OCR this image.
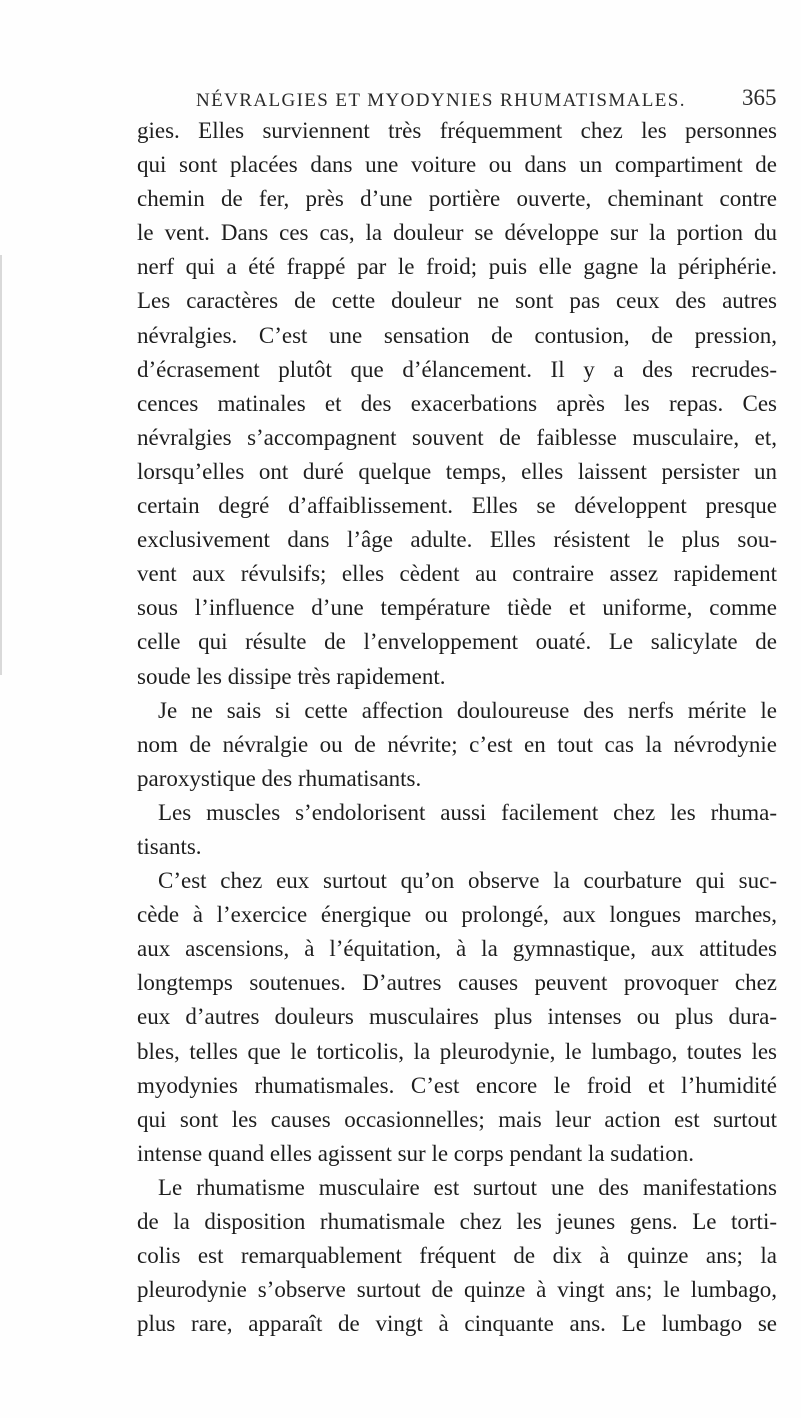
NÉVRALGIES ET MYODYNIES RHUMATISMALES.	365
gies. Elles surviennent très fréquemment chez les personnes
qui sont placées dans une voiture ou dans un compartiment de
chemin de fer, près d’une portière ouverte, cheminant contre
le vent. Dans ces cas, la douleur se développe sur la portion du
nerf qui a été frappé par le froid; puis elle gagne la périphérie.
Les caractères de cette douleur ne sont pas ceux des autres
névralgies. C’est une sensation de contusion, de pression,
d’écrasement plutôt que d’élancement. Il y a des recrudes-
cences matinales et des exacerbations après les repas. Ces
névralgies s’accompagnent souvent de faiblesse musculaire, et,
lorsqu’elles ont duré quelque temps, elles laissent persister un
certain degré d’affaiblissement. Elles se développent presque
exclusivement dans l’âge adulte. Elles résistent le plus sou-
vent aux révulsifs; elles cèdent au contraire assez rapidement
sous l’influence d’une température tiède et uniforme, comme
celle qui résulte de l’enveloppement ouaté. Le salicylate de
soude les dissipe très rapidement.
Je ne sais si cette affection douloureuse des nerfs mérite le
nom de névralgie ou de névrite; c’est en tout cas la névrodynie
paroxystique des rhumatisants.
Les muscles s’endolorisent aussi facilement chez les rhuma-
tisants.
C’est chez eux surtout qu’on observe la courbature qui suc-
cède à l’exercice énergique ou prolongé, aux longues marches,
aux ascensions, à l’équitation, à la gymnastique, aux attitudes
longtemps soutenues. D’autres causes peuvent provoquer chez
eux d’autres douleurs musculaires plus intenses ou plus dura-
bles, telles que le torticolis, la pleurodynie, le lumbago, toutes les
myodynies rhumatismales. C’est encore le froid et l’humidité
qui sont les causes occasionnelles; mais leur action est surtout
intense quand elles agissent sur le corps pendant la sudation.
Le rhumatisme musculaire est surtout une des manifestations
de la disposition rhumatismale chez les jeunes gens. Le torti-
colis est remarquablement fréquent de dix à quinze ans; la
pleurodynie s’observe surtout de quinze à vingt ans; le lumbago,
plus rare, apparaît de vingt à cinquante ans. Le lumbago se
